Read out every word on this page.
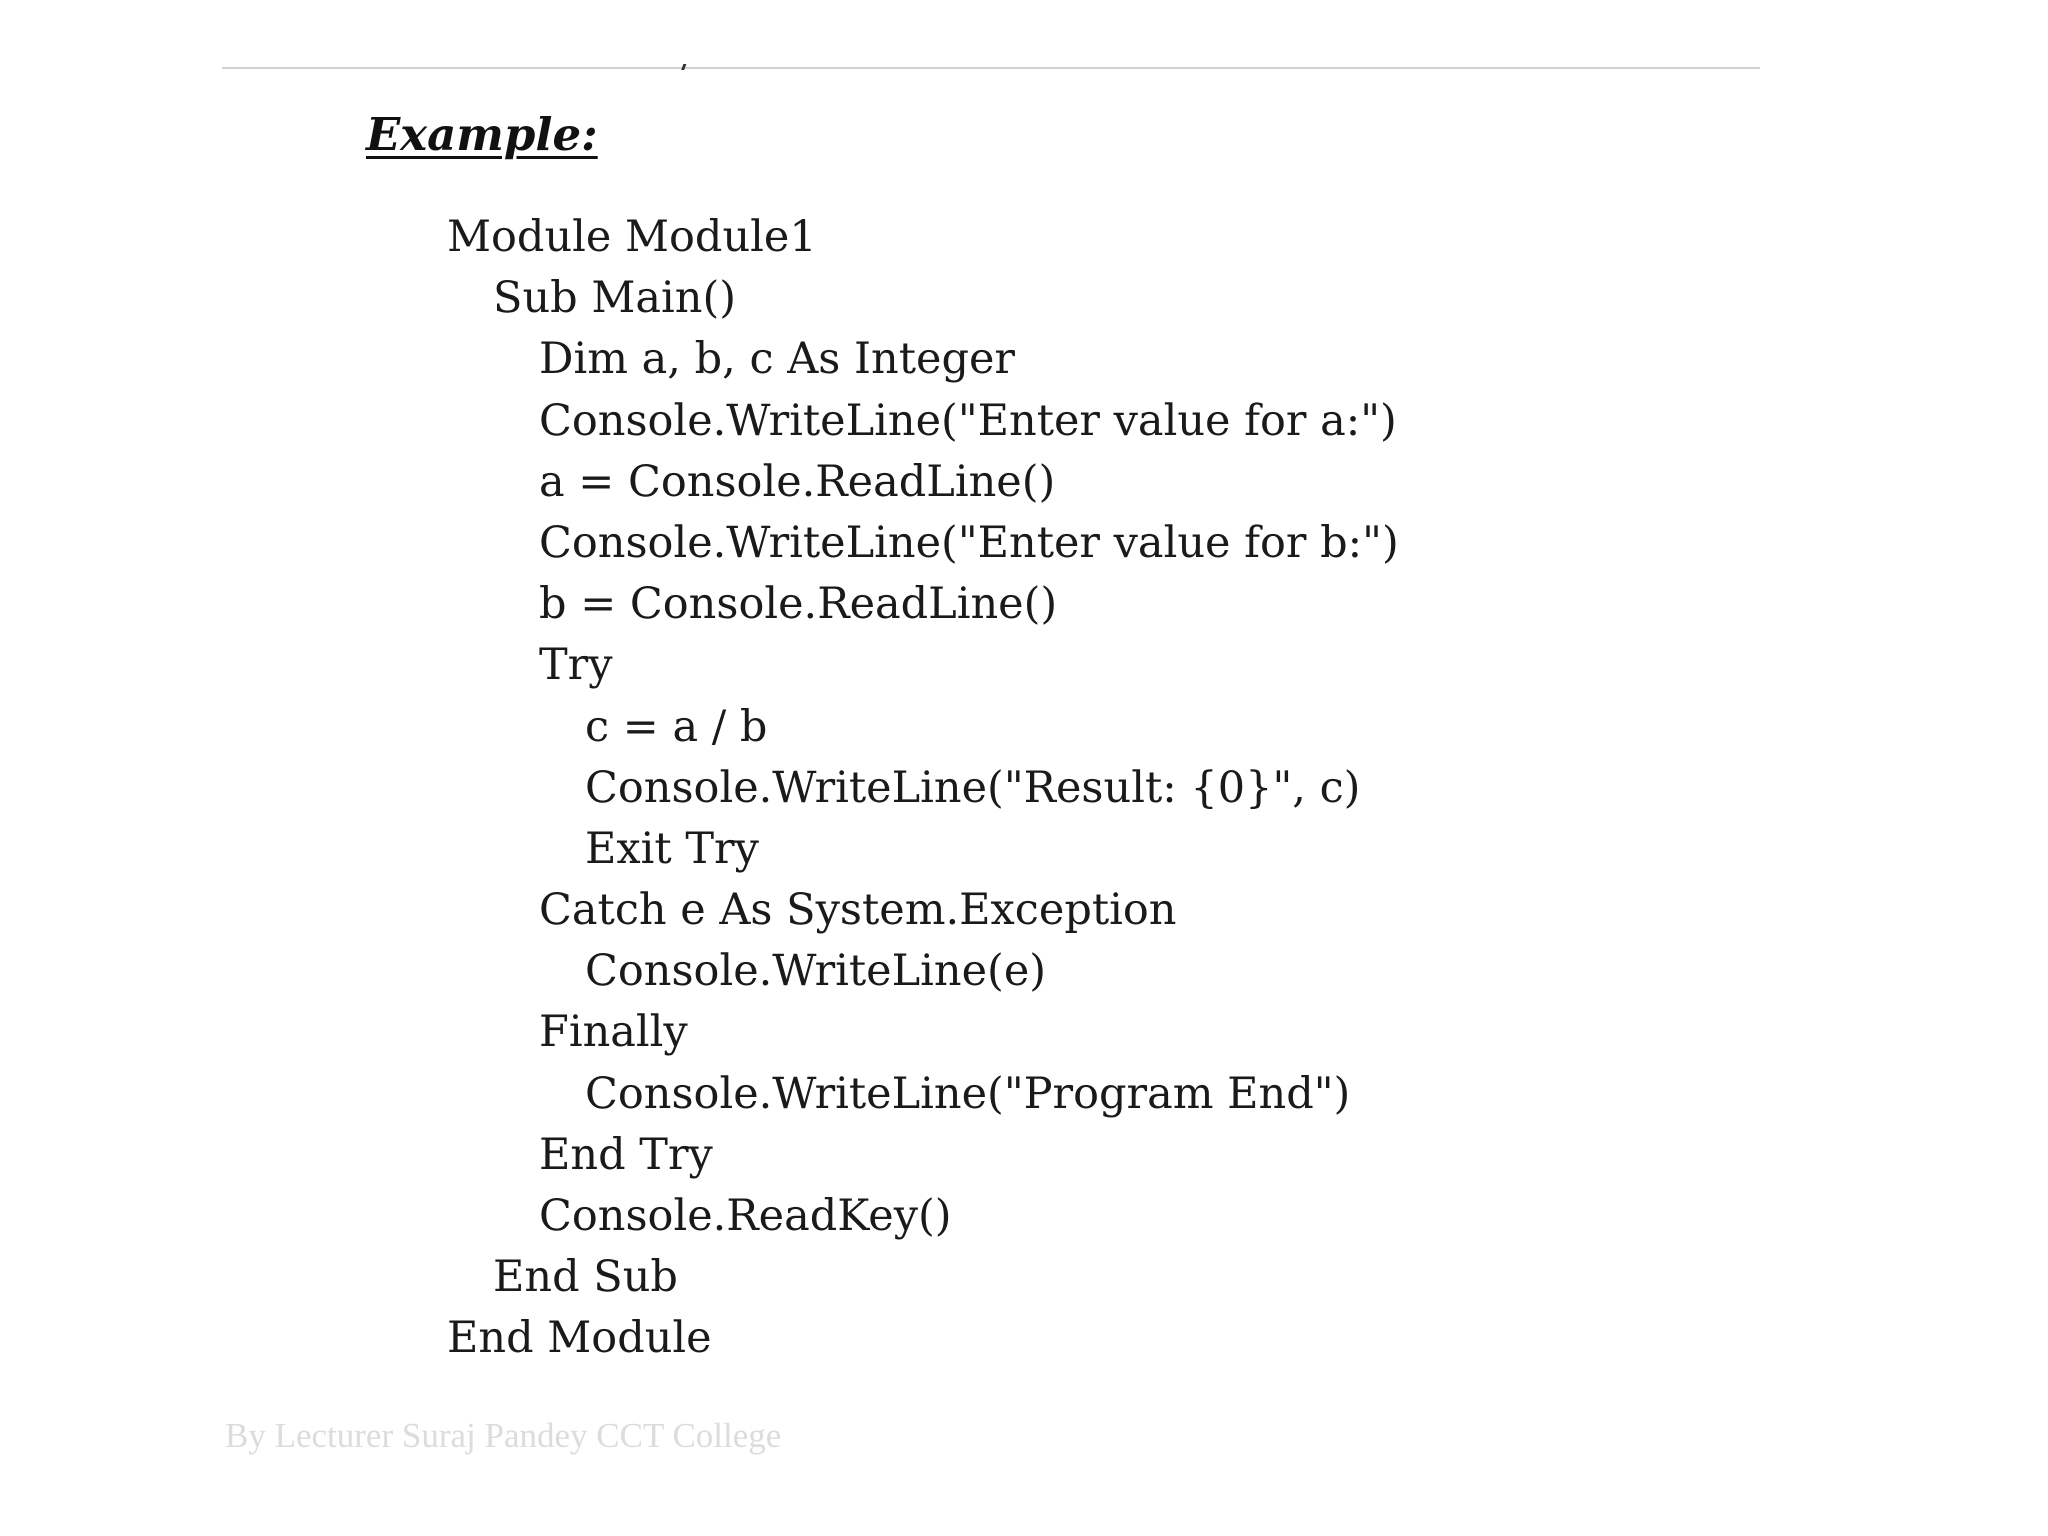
Example:
Module Module1
Sub Main()
Dim a, b, c As Integer
Console.WriteLine("Enter value for a:")
a = Console.ReadLine()
Console.WriteLine("Enter value for b:")
b = Console.ReadLine()
Try
c = a / b
Console.WriteLine("Result: {0}", c)
Exit Try
Catch e As System.Exception
Console.WriteLine(e)
Finally
Console.WriteLine("Program End")
End Try
Console.ReadKey()
End Sub
End Module
By Lecturer Suraj Pandey CCT College
